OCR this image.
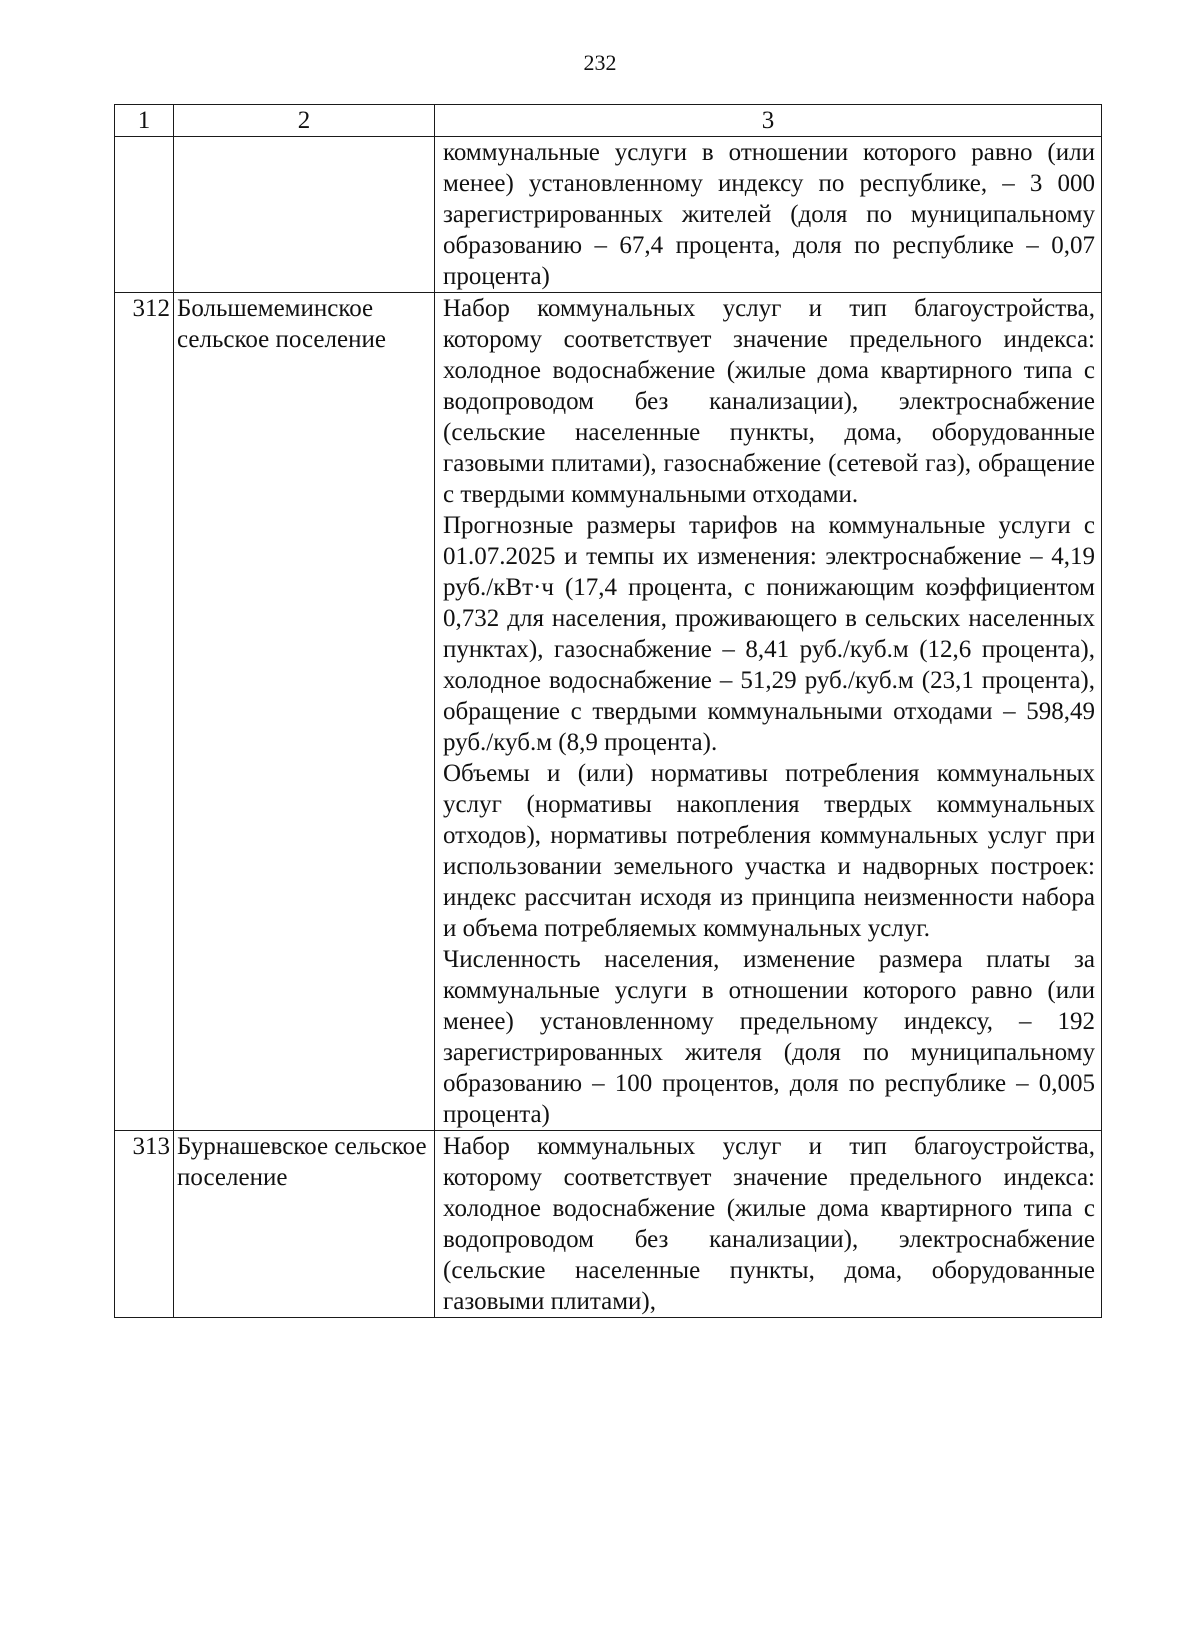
232
1	2	3

		коммунальные услуги в отношении которого равно (или менее) установленному индексу по республике, – 3 000 зарегистрированных жителей (доля по муниципальному образованию – 67,4 процента, доля по республике – 0,07 процента)

312	Большемеминское сельское поселение	Набор коммунальных услуг и тип благоустройства, которому соответствует значение предельного индекса: холодное водоснабжение (жилые дома квартирного типа с водопроводом без канализации), электроснабжение (сельские населенные пункты, дома, оборудованные газовыми плитами), газоснабжение (сетевой газ), обращение с твердыми коммунальными отходами.
Прогнозные размеры тарифов на коммунальные услуги с 01.07.2025 и темпы их изменения: электроснабжение – 4,19 руб./кВт·ч (17,4 процента, с понижающим коэффициентом 0,732 для населения, проживающего в сельских населенных пунктах), газоснабжение – 8,41 руб./куб.м (12,6 процента), холодное водоснабжение – 51,29 руб./куб.м (23,1 процента), обращение с твердыми коммунальными отходами – 598,49 руб./куб.м (8,9 процента).
Объемы и (или) нормативы потребления коммунальных услуг (нормативы накопления твердых коммунальных отходов), нормативы потребления коммунальных услуг при использовании земельного участка и надворных построек: индекс рассчитан исходя из принципа неизменности набора и объема потребляемых коммунальных услуг.
Численность населения, изменение размера платы за коммунальные услуги в отношении которого равно (или менее) установленному предельному индексу, – 192 зарегистрированных жителя (доля по муниципальному образованию – 100 процентов, доля по республике – 0,005 процента)

313	Бурнашевское сельское поселение	Набор коммунальных услуг и тип благоустройства, которому соответствует значение предельного индекса: холодное водоснабжение (жилые дома квартирного типа с водопроводом без канализации), электроснабжение (сельские населенные пункты, дома, оборудованные газовыми плитами),
